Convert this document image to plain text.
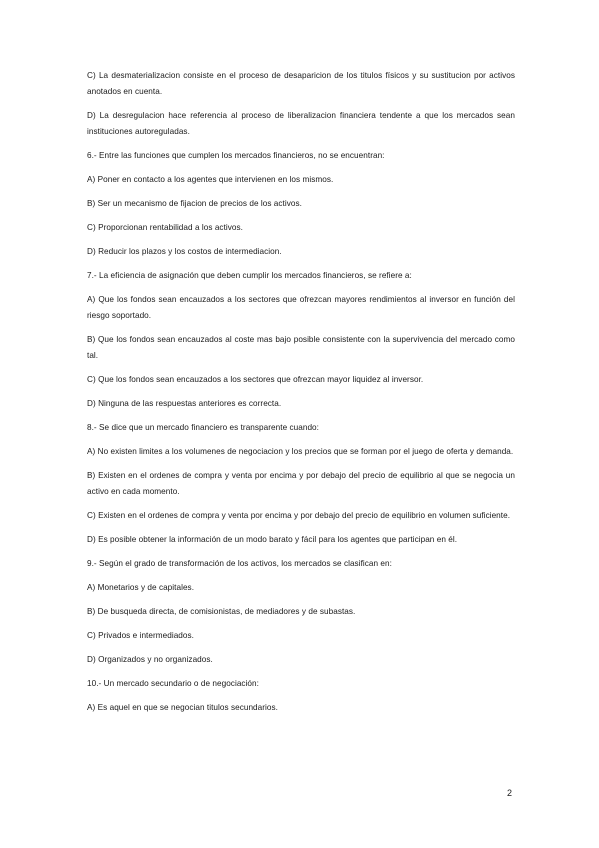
C) La desmaterializacion consiste en el proceso de desaparicion de los titulos físicos y su sustitucion por activos anotados en cuenta.

D) La desregulacion hace referencia al proceso de liberalizacion financiera tendente a que los mercados sean instituciones autoreguladas.

6.- Entre las funciones que cumplen los mercados financieros, no se encuentran:

A) Poner en contacto a los agentes que intervienen en los mismos.

B) Ser un mecanismo de fijacion de precios de los activos.

C) Proporcionan rentabilidad a los activos.

D) Reducir los plazos y los costos de intermediacion.

7.- La eficiencia de asignación que deben cumplir los mercados financieros, se refiere a:

A) Que los fondos sean encauzados a los sectores que ofrezcan mayores rendimientos al inversor en función del riesgo soportado.

B) Que los fondos sean encauzados al coste mas bajo posible consistente con la supervivencia del mercado como tal.

C) Que los fondos sean encauzados a los sectores que ofrezcan mayor liquidez al inversor.

D) Ninguna de las respuestas anteriores es correcta.

8.- Se dice que un mercado financiero es transparente cuando:

A) No existen limites a los volumenes de negociacion y los precios que se forman por el juego de oferta y demanda.

B) Existen en el ordenes de compra y venta por encima y por debajo del precio de equilibrio al que se negocia un activo en cada momento.

C) Existen en el ordenes de compra y venta por encima y por debajo del precio de equilibrio en volumen suficiente.

D) Es posible obtener la información de un modo barato y fácil para los agentes que participan en él.

9.- Según el grado de transformación de los activos, los mercados se clasifican en:

A) Monetarios y de capitales.

B) De busqueda directa, de comisionistas, de mediadores y de subastas.

C) Privados e intermediados.

D) Organizados y no organizados.

10.- Un mercado secundario o de negociación:

A) Es aquel en que se negocian titulos secundarios.

2
